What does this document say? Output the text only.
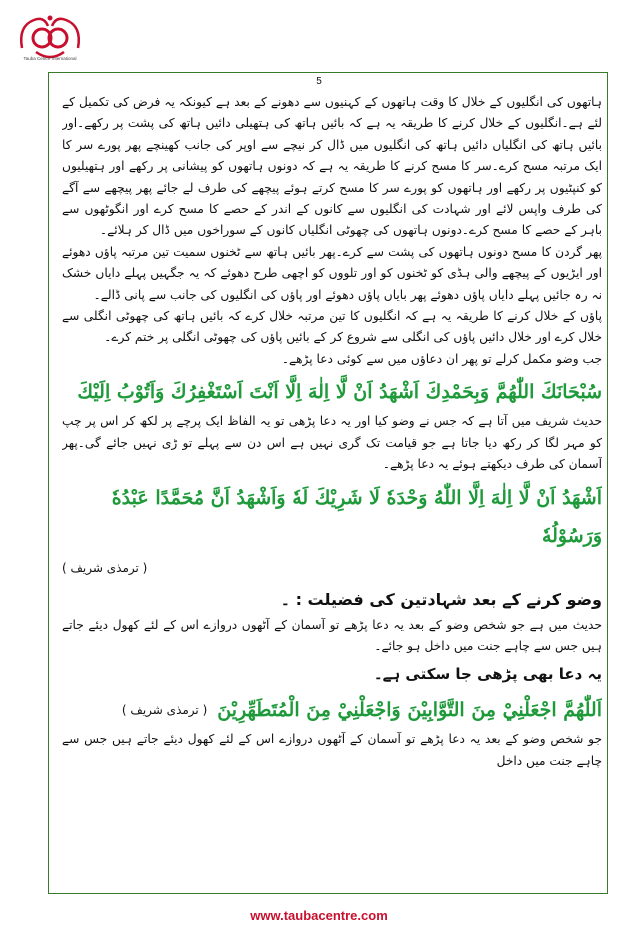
Tauba Centre International
5

ہاتھوں کی انگلیوں کے خلال کا وقت ہاتھوں کے کہنیوں سے دھونے کے بعد ہے کیونکہ یہ فرض کی تکمیل کے لئے ہے۔انگلیوں کے خلال کرنے کا طریقہ یہ ہے کہ بائیں ہاتھ کی ہتھیلی دائیں ہاتھ کی پشت پر رکھے۔اور بائیں ہاتھ کی انگلیاں دائیں ہاتھ کی انگلیوں میں ڈال کر نیچے سے اوپر کی جانب کھینچے پھر پورے سر کا ایک مرتبہ مسح کرے۔سر کا مسح کرنے کا طریقہ یہ ہے کہ دونوں ہاتھوں کو پیشانی پر رکھے اور ہتھیلیوں کو کنپٹیوں پر رکھے اور ہاتھوں کو پورے سر کا مسح کرتے ہوئے پیچھے کی طرف لے جائے پھر پیچھے سے آگے کی طرف واپس لائے اور شہادت کی انگلیوں سے کانوں کے اندر کے حصے کا مسح کرے اور انگوٹھوں سے باہر کے حصے کا مسح کرے۔دونوں ہاتھوں کی چھوٹی انگلیاں کانوں کے سوراخوں میں ڈال کر ہلائے۔

پھر گردن کا مسح دونوں ہاتھوں کی پشت سے کرے۔پھر بائیں ہاتھ سے ٹخنوں سمیت تین مرتبہ پاؤں دھوئے اور ایڑیوں کے پیچھے والی ہڈی کو ٹخنوں کو اور تلووں کو اچھی طرح دھوئے کہ یہ جگہیں پہلے دایاں خشک نہ رہ جائیں پہلے دایاں پاؤں دھوئے پھر بایاں پاؤں دھوئے اور پاؤں کی انگلیوں کی جانب سے پانی ڈالے۔

پاؤں کے خلال کرنے کا طریقہ یہ ہے کہ انگلیوں کا تین مرتبہ خلال کرے کہ بائیں ہاتھ کی چھوٹی انگلی سے خلال کرے اور خلال دائیں پاؤں کی انگلی سے شروع کر کے بائیں پاؤں کی چھوٹی انگلی پر ختم کرے۔

جب وضو مکمل کرلے تو پھر ان دعاؤں میں سے کوئی دعا پڑھے۔

سُبْحَانَكَ اللّٰهُمَّ وَبِحَمْدِكَ اَشْهَدُ اَنْ لَّا اِلٰهَ اِلَّا اَنْتَ اَسْتَغْفِرُكَ وَاَتُوْبُ اِلَيْكَ

حدیث شریف میں آتا ہے کہ جس نے وضو کیا اور یہ دعا پڑھی تو یہ الفاظ ایک پرچے پر لکھ کر اس پر چپ کو مہر لگا کر رکھ دیا جاتا ہے جو قیامت تک گری نہیں ہے اس دن سے پہلے تو ڑی نہیں جائے گی۔پھر آسمان کی طرف دیکھتے ہوئے یہ دعا پڑھے۔

اَشْهَدُ اَنْ لَّا اِلٰهَ اِلَّا اللّٰهُ وَحْدَهٗ لَا شَرِيْكَ لَهٗ وَاَشْهَدُ اَنَّ مُحَمَّدًا عَبْدُهٗ وَرَسُوْلُهٗ

( ترمذی شریف )

وضو کرنے کے بعد شہادتین کی فضیلت : ۔

حدیث میں ہے جو شخص وضو کے بعد یہ دعا پڑھے تو آسمان کے آٹھوں دروازے اس کے لئے کھول دیئے جاتے ہیں جس سے چاہے جنت میں داخل ہو جائے۔

یہ دعا بھی پڑھی جا سکتی ہے۔

اَللّٰهُمَّ اجْعَلْنِيْ مِنَ التَّوَّابِيْنَ وَاجْعَلْنِيْ مِنَ الْمُتَطَهِّرِيْنَ
( ترمذی شریف )

جو شخص وضو کے بعد یہ دعا پڑھے تو آسمان کے آٹھوں دروازے اس کے لئے کھول دیئے جاتے ہیں جس سے چاہے جنت میں داخل

www.taubacentre.com
